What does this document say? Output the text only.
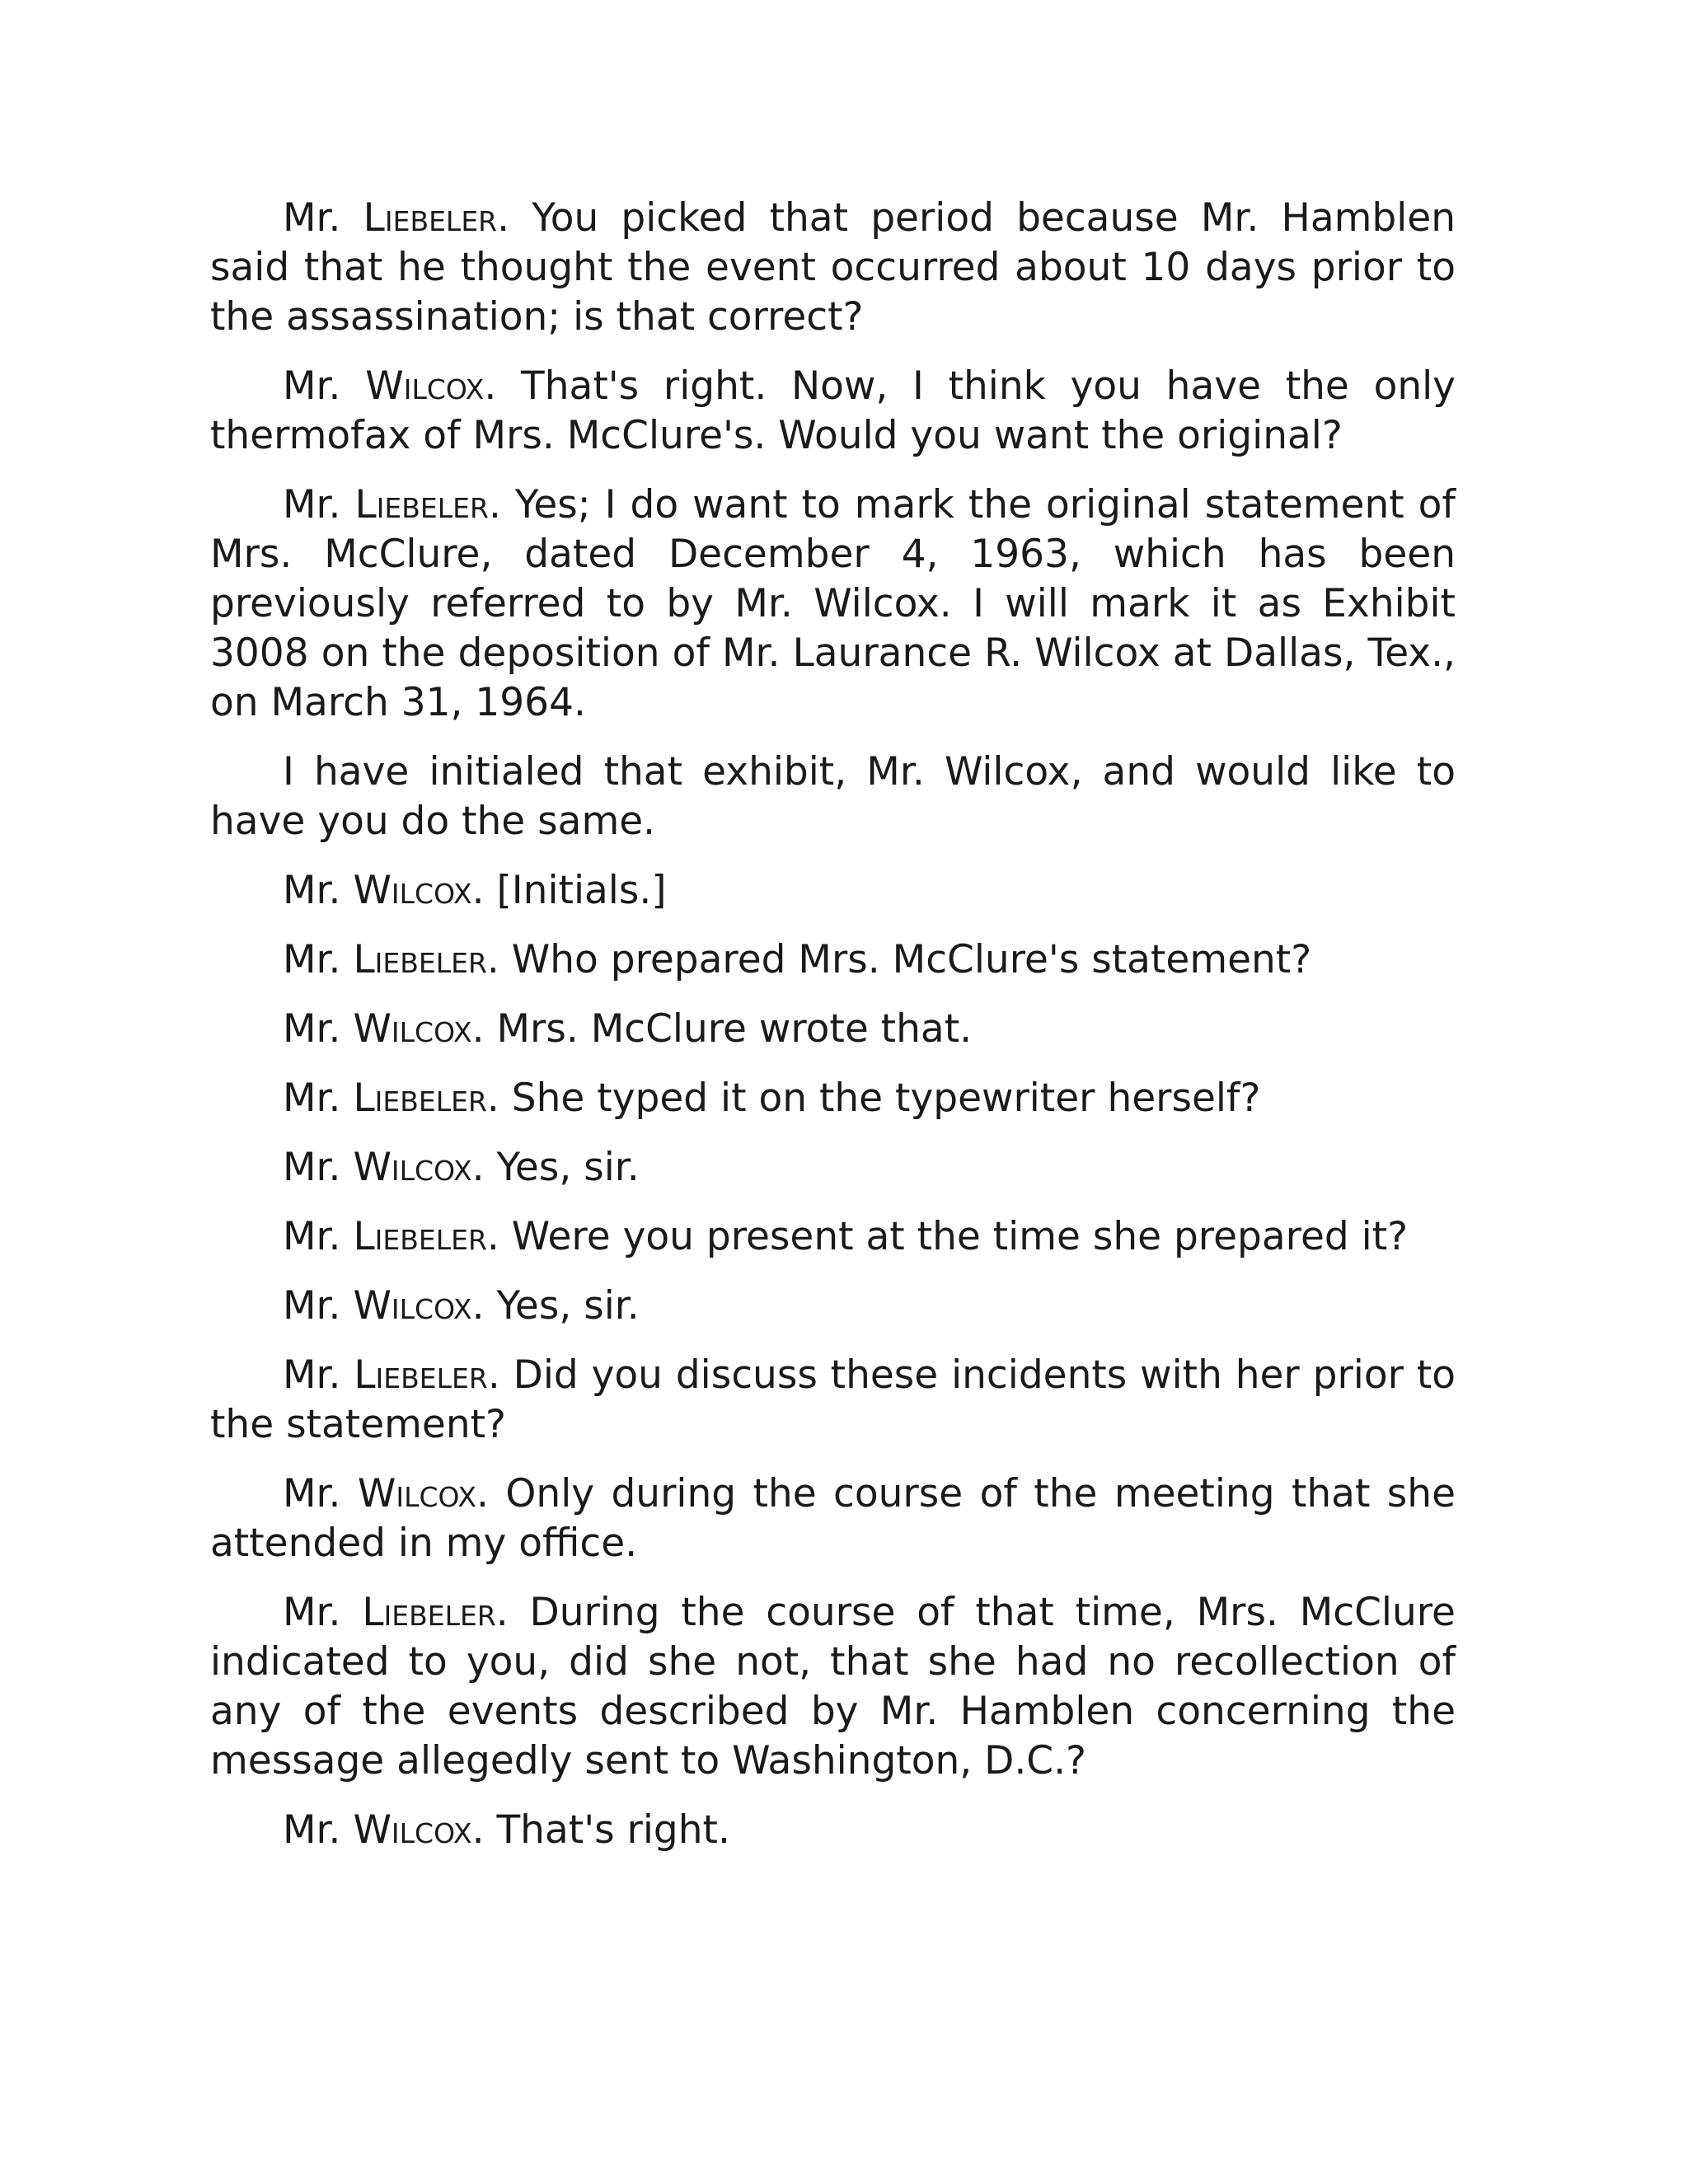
Mr. Liebeler. You picked that period because Mr. Hamblen said that he thought the event occurred about 10 days prior to the assassination; is that correct?

Mr. Wilcox. That's right. Now, I think you have the only thermofax of Mrs. McClure's. Would you want the original?

Mr. Liebeler. Yes; I do want to mark the original statement of Mrs. McClure, dated December 4, 1963, which has been previously referred to by Mr. Wilcox. I will mark it as Exhibit 3008 on the deposition of Mr. Laurance R. Wilcox at Dallas, Tex., on March 31, 1964.

I have initialed that exhibit, Mr. Wilcox, and would like to have you do the same.

Mr. Wilcox. [Initials.]

Mr. Liebeler. Who prepared Mrs. McClure's statement?

Mr. Wilcox. Mrs. McClure wrote that.

Mr. Liebeler. She typed it on the typewriter herself?

Mr. Wilcox. Yes, sir.

Mr. Liebeler. Were you present at the time she prepared it?

Mr. Wilcox. Yes, sir.

Mr. Liebeler. Did you discuss these incidents with her prior to the statement?

Mr. Wilcox. Only during the course of the meeting that she attended in my office.

Mr. Liebeler. During the course of that time, Mrs. McClure indicated to you, did she not, that she had no recollection of any of the events described by Mr. Hamblen concerning the message allegedly sent to Washington, D.C.?

Mr. Wilcox. That's right.
